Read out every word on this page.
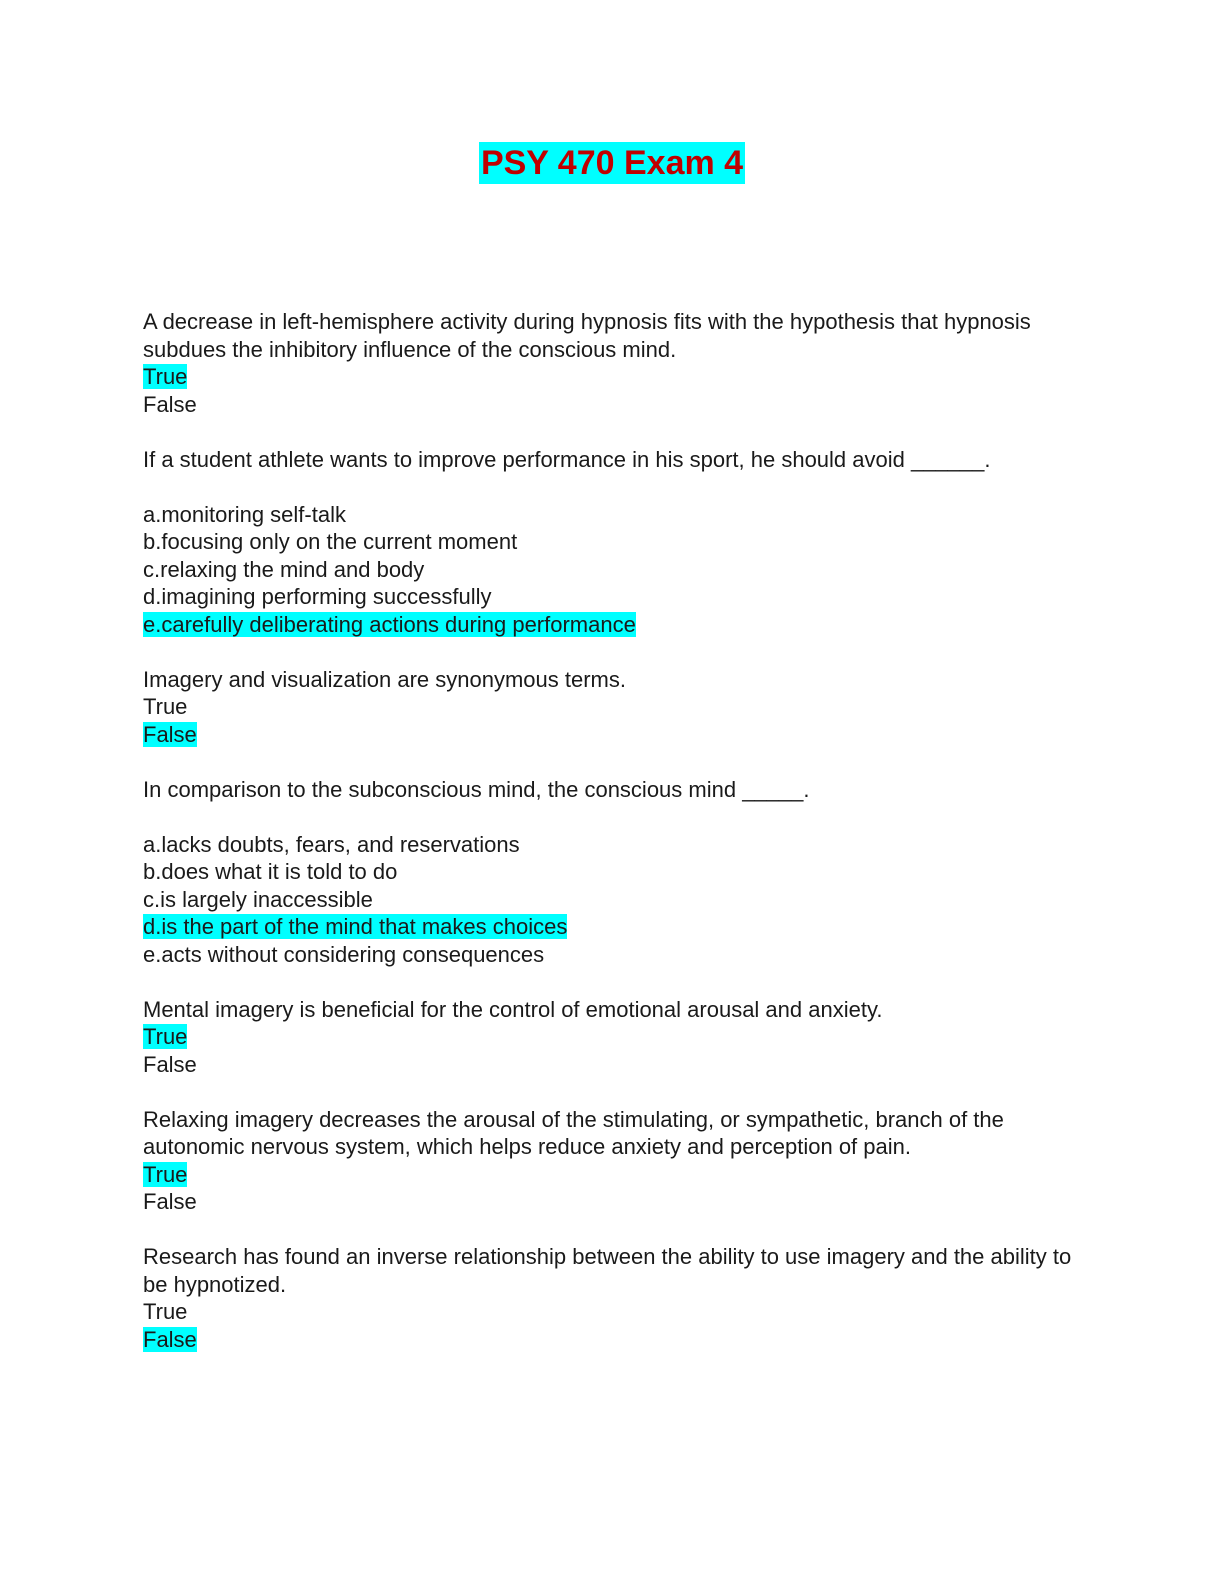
PSY 470 Exam 4

A decrease in left-hemisphere activity during hypnosis fits with the hypothesis that hypnosis subdues the inhibitory influence of the conscious mind.

True
False

If a student athlete wants to improve performance in his sport, he should avoid ______.

a.monitoring self-talk
b.focusing only on the current moment
c.relaxing the mind and body
d.imagining performing successfully
e.carefully deliberating actions during performance

Imagery and visualization are synonymous terms.

True
False

In comparison to the subconscious mind, the conscious mind _____.

a.lacks doubts, fears, and reservations
b.does what it is told to do
c.is largely inaccessible
d.is the part of the mind that makes choices
e.acts without considering consequences

Mental imagery is beneficial for the control of emotional arousal and anxiety.

True
False

Relaxing imagery decreases the arousal of the stimulating, or sympathetic, branch of the autonomic nervous system, which helps reduce anxiety and perception of pain.

True
False

Research has found an inverse relationship between the ability to use imagery and the ability to be hypnotized.

True
False
